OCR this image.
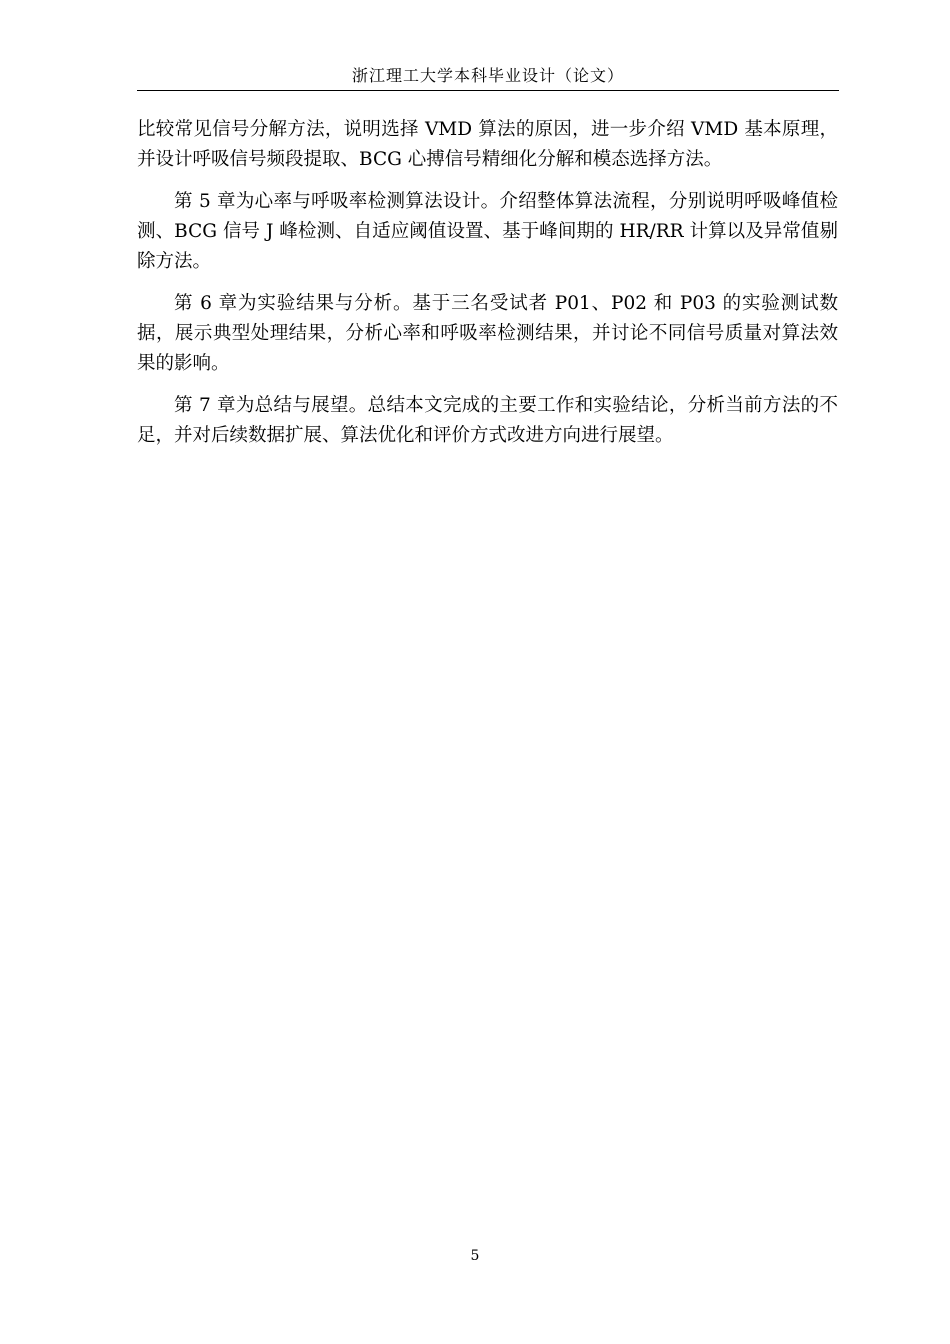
浙江理工大学本科毕业设计（论文）

比较常见信号分解方法，说明选择 VMD 算法的原因，进一步介绍 VMD 基本原理，并设计呼吸信号频段提取、BCG 心搏信号精细化分解和模态选择方法。

第 5 章为心率与呼吸率检测算法设计。介绍整体算法流程，分别说明呼吸峰值检测、BCG 信号 J 峰检测、自适应阈值设置、基于峰间期的 HR/RR 计算以及异常值剔除方法。

第 6 章为实验结果与分析。基于三名受试者 P01、P02 和 P03 的实验测试数据，展示典型处理结果，分析心率和呼吸率检测结果，并讨论不同信号质量对算法效果的影响。

第 7 章为总结与展望。总结本文完成的主要工作和实验结论，分析当前方法的不足，并对后续数据扩展、算法优化和评价方式改进方向进行展望。

5
